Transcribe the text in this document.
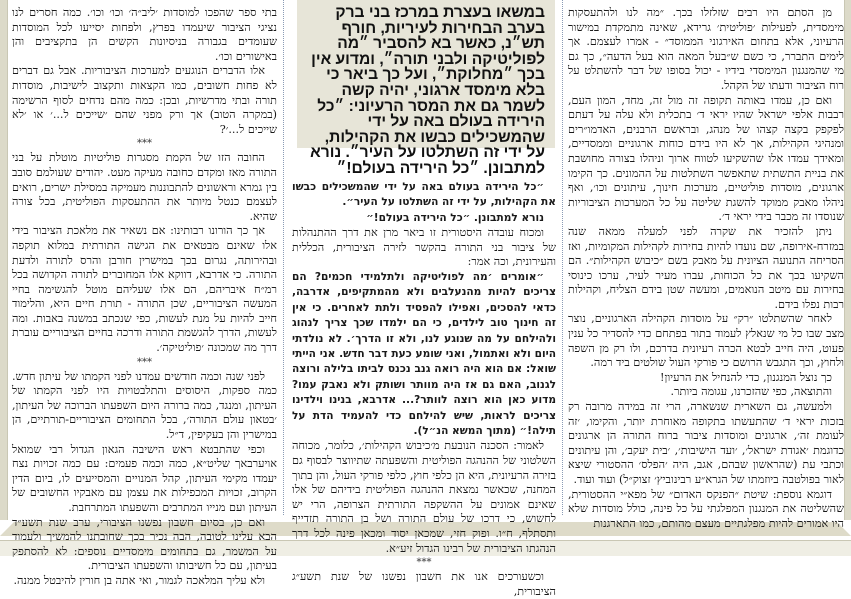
במשאו בעצרת במרכז בני ברק בערב הבחירות לעיריות, חורף תש״נ, כאשר בא להסביר ״מה לפוליטיקה ולבני תורה״, ומדוע אין בכך ״מחלוקת״, ועל כך ביאר כי בלא מימסד ארגוני, יהיה קשה לשמר גם את המסר הרעיוני: ״כל הירידה בעולם באה על ידי שהמשכילים כבשו את הקהילות, על ידי זה השתלטו על העיר״. נורא למתבונן. ״כל הירידה בעולם!״

מן הסתם היו רבים שזלזלו בכך. ״מה לנו ולהתעסקות מימסדית, לפעילות ׳פוליטית׳ גרידא, שאינה מתמקדת במישור הרעיוני, אלא בתחום האירגוני הממוסד״ - אמרו לעצמם. אך לימים התברר, כי כשם ש״בעל המאה הוא בעל הדעה״, כך גם מי שהמנגנון המימסדי בידיו - יכול בסופו של דבר להשתלט על רוח הציבור ודעתו של הקהל.

ואם כן, עמדו באותה תקופה זה מול זה, מחד, המון העם, רבבות אלפי ישראל שהיו יראי ד׳ בתכלית ולא עלה על דעתם לפקפק בקצה קצהו של מנהג, ובראשם הרבנים, האדמו״רים ומנהיגי הקהילות, אך לא היו בידם כוחות ארגוניים וממסדיים, ומאידך עמדו אלו שהשקיעו לטווח ארוך וניהלו בצורה מחושבת את בניית התשתית שתאפשר השתלטות על ההמונים. כך הקימו ארגונים, מוסדות פוליטיים, מערכות חינוך, עיתונים וכו׳, ואף ניהלו מאבק ממוקד להשגת שליטה על כל המערכות הציבוריות שנוסדו זה מכבר בידי יראי ד׳.

ניתן להזכיר את שקרה לפני למעלה ממאה שנה במזרח-אירופה, שם נועדו להיות בחירות לקהילות המקומיות, ואז הסריחה התנועה הציונית על מאבק בשם ״כיבוש הקהילות״. הם השקיעו בכך את כל הכוחות, עברו מעיר לעיר, ערכו כינוסי בחירות עם מיטב הנואמים, ומעשה שטן בידם הצליח, וקהילות רבות נפלו בידם.

לאחר שהשתלטו ״רק״ על מוסדות הקהילה הארגוניים, נוצר מצב שבו כל מי שנאלץ לעמוד בתור בפתחם כדי להסדיר כל ענין פעוט, היה חייב לבטא הכרה רעיונית בדרכם, ולו רק מן השפה ולחוץ, וכך התגבש הרושם כי פורקי העול שולטים ביד רמה.

כך נוצל המנגנון, כדי להנחיל את הרעיון!

והתוצאה, כפי שהזכרנו, עגומה ביותר.

ולמעשה, גם השארית שנשארה, הרי זה במידה מרובה רק בזכות יראי ד׳ שהתעשתו בתקופה מאוחרת יותר, והקימו, ׳זה לעומת זה׳, ארגונים ומוסדות ציבור ברוח התורה הן ארגונים כדוגמת ׳אגודת ישראל׳, ׳ועד הישיבות׳, ׳בית יעקב׳, והן עיתונים וכתבי עת (שהראשון שבהם, אגב, היה ׳הפלס׳ ההסטורי שיצא לאור בפולטבה ביוזמתו של הגרא״ע רבינוביץ׳ זצוק״ל) ועוד ועוד.

דוגמא נוספת: שיטת ״הפנקס האדום״ של מפא״י ההסטורית, שהשליטה את המנגנון המפלגתי על כל פינה, כולל מוסדות שלא היו אמורים להיות מפלגתיים מעצם מהותם, כמו התארגנות

״כל הירידה בעולם באה על ידי שהמשכילים כבשו את הקהילות, על ידי זה השתלטו על העיר״.

נורא למתבונן. ״כל הירידה בעולם!״

ומכוח עובדה היסטורית זו ביאר מרן את דרך ההתנהלות של ציבור בני התורה בהקשר לזירה הציבורית, הכללית והעירונית, וכה אמר:

״אומרים ׳מה לפוליטיקה ולתלמידי חכמים? הם צריכים להיות מהנעלבים ולא מהמתקיפים, אדרבה, כדאי להסכים, ואפילו להפסיד ולתת לאחרים. כי אין זה חינוך טוב לילדים, כי הם ילמדו שכך צריך לנהוג ולהילחם על מה שנוגע לנו, ולא זו הדרך׳. לא נולדתי היום ולא ואתמול, ואני שומע כעת דבר חדש. אני הייתי שואל: אם הוא היה רואה גנב נכנס לביתו בלילה ורוצה לגנוב, האם גם אז היה מוותר ושותק ולא נאבק עמו? מדוע כאן הוא רוצה לוותר?... אדרבא, בנינו וילדינו צריכים לראות, שיש להילחם כדי להעמיד הדת על תילה!״ (מתוך המשא הנ״ל).

לאמור: הסכנה הנובעת מ׳כיבוש הקהילות׳, כלומר, מכוחה השלטוני של ההנהגה הפוליטית והשפעתה שתיווצר לבסוף גם בזירה הרעיונית, היא הן כלפי חוץ, כלפי פורקי העול, והן בתוך המחנה, שכאשר נמצאת ההנהגה הפוליטית בידיהם של אלו שאינם אמונים על ההשקפה התורתית הצרופה, הרי יש לחשוש, כי דרכו של עולם התורה ושל בן התורה תזדייף ותסתלף, ח״ו. ופוק חזי, שמכאן יסוד ומכאן פינה לכל דרך הנהגתו הציבורית של רבינו הגדול זיע״א.

***

וכשעורכים אנו את חשבון נפשנו של שנת תשע״ג הציבורית,

בתי ספר שהפכו למוסדות ׳ליב״ה׳ וכו׳ וכו׳. כמה חסרים לנו נציגי הציבור שיעמדו בפרץ, ולפחות יסייעו לכל המוסדות שעומדים בגבורה בניסיונות הקשים הן בתקציבים והן באישורים וכו׳.

אלו הדברים הנוגעים למערכות הציבוריות. אבל גם דברים לא פחות חשובים, כמו הקצאות ותקצוב לישיבות, מוסדות תורה ובתי מדרשיות, ובכן: כמה מהם נדחים לסוף הרשימה (במקרה הטוב) אך ורק מפני שהם ׳שייכים ל...׳ או ׳לא שייכים ל...׳?

***

החובה הזו של הקמת מסגרות פוליטיות מוטלת על בני התורה מאז ומקדם כחובה מעיקה מעט. יהודים שעולמם סובב בין גמרא וראשונים להתבוננות מעמיקה במסילת ישרים, רואים לעצמם כנטל מיותר את ההתעסקות הפוליטית, בכל צורה שהיא.

אך כך הורונו רבותינו: אם נשאיר את מלאכת הציבור בידי אלו שאינם מבטאים את הגישה התורתית במלוא תוקפה ובהירותה, נגרום בכך במישרין חורבן והרס לתורה ולדעת התורה. כי אדרבא, דווקא אלו המחוברים לתורה הקדושה בכל רמ״ח איבריהם, הם אלו שעליהם מוטל להגשימה בחיי המעשה הציבוריים, שכן התורה - תורת חיים היא, והלימוד חייב להיות על מנת לעשות, כפי שנכתב במשנה באבות. ומה לעשות, הדרך להגשמת התורה ודרכה בחיים הציבוריים עוברת דרך מה שמכונה ׳פוליטיקה׳.

***

לפני שנה וכמה חודשים עמדנו לפני הקמתו של עיתון חדש. כמה ספקות, היסוסים והתלבטויות היו לפני הקמתו של העיתון, ומנגד, כמה ברורה היום השפעתו הברוכה של העיתון, ׳בטאון עולם התורה׳, בכל התחומים הציבוריים-תורתיים, הן במישרין והן בעקיפין, ד״ל.

וכפי שהתבטא ראש הישיבה הגאון הגדול רבי שמואל אויערבאך שליט״א, כמה וכמה פעמים: עם כמה זכויות נצח יעמדו מקימי העיתון, קהל המנויים והמסייעים לו, ביום הדין הקרוב, זכויות המכפילות את עצמן עם מאבקיו החשובים של העיתון ועם מנייו המתרבים והשפעתו המתרחבת.

ואם כן, בסיום חשבון נפשנו הציבורי, ערב שנת תשע״ד הבא עלינו לטובה, הבה נכיר בכך שחובתנו להמשיך ולעמוד על המשמר, גם בתחומים מימסדיים נוספים: לא להסתפק בעיתון, עם כל חשיבותו והשפעתו הציבורית.

ולא עליך המלאכה לגמור, ואי אתה בן חורין להיבטל ממנה.
